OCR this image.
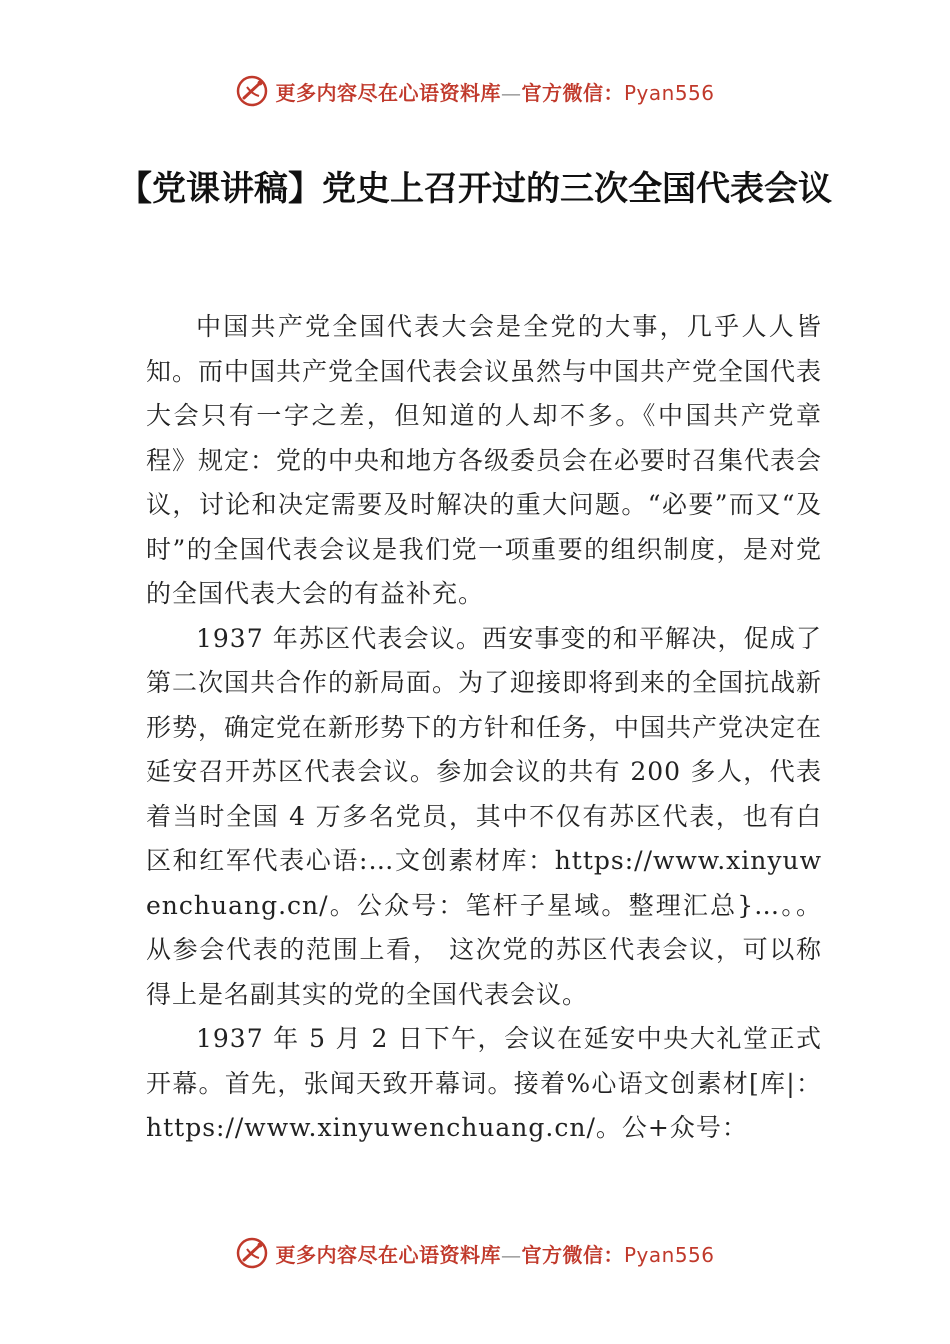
更多内容尽在心语资料库—官方微信：Pyan556
【党课讲稿】党史上召开过的三次全国代表会议

中国共产党全国代表大会是全党的大事，几乎人人皆知。而中国共产党全国代表会议虽然与中国共产党全国代表大会只有一字之差，但知道的人却不多。《中国共产党章程》规定：党的中央和地方各级委员会在必要时召集代表会议，讨论和决定需要及时解决的重大问题。“必要”而又“及时”的全国代表会议是我们党一项重要的组织制度，是对党的全国代表大会的有益补充。

1937 年苏区代表会议。西安事变的和平解决，促成了第二次国共合作的新局面。为了迎接即将到来的全国抗战新形势，确定党在新形势下的方针和任务，中国共产党决定在延安召开苏区代表会议。参加会议的共有 200 多人，代表着当时全国 4 万多名党员，其中不仅有苏区代表，也有白区和红军代表心语:…文创素材库：https://www.xinyuwenchuang.cn/。公众号：笔杆子星域。整理汇总}…。。从参会代表的范围上看， 这次党的苏区代表会议，可以称得上是名副其实的党的全国代表会议。

1937 年 5 月 2 日下午，会议在延安中央大礼堂正式开幕。首先，张闻天致开幕词。接着%心语文创素材[库|：https://www.xinyuwenchuang.cn/。公+众号：

更多内容尽在心语资料库—官方微信：Pyan556
